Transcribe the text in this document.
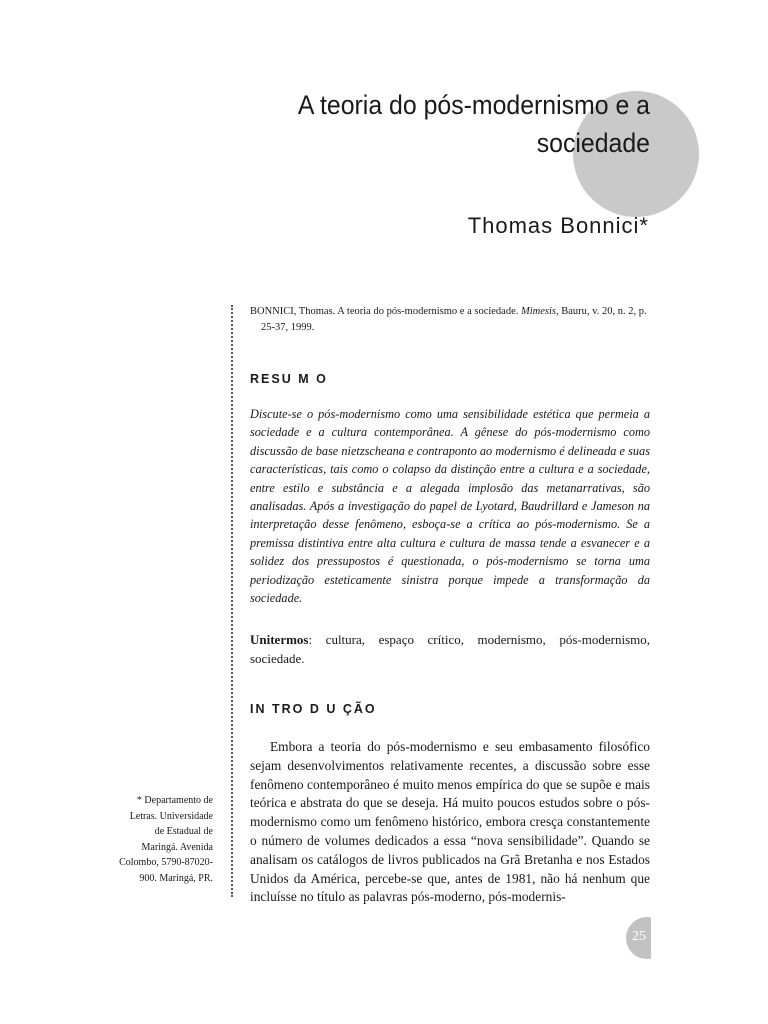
A teoria do pós-modernismo e a
sociedade
Thomas Bonnici*
BONNICI, Thomas. A teoria do pós-modernismo e a sociedade. Mimesis, Bauru, v. 20, n. 2, p. 25-37, 1999.
RESU M O

Discute-se o pós-modernismo como uma sensibilidade estética que permeia a sociedade e a cultura contemporânea. A gênese do pós-modernismo como discussão de base nietzscheana e contraponto ao modernismo é delineada e suas características, tais como o colapso da distinção entre a cultura e a sociedade, entre estilo e substância e a alegada implosão das metanarrativas, são analisadas. Após a investigação do papel de Lyotard, Baudrillard e Jameson na interpretação desse fenômeno, esboça-se a crítica ao pós-modernismo. Se a premissa distintiva entre alta cultura e cultura de massa tende a esvanecer e a solidez dos pressupostos é questionada, o pós-modernismo se torna uma periodização esteticamente sinistra porque impede a transformação da sociedade.

Unitermos: cultura, espaço crítico, modernismo, pós-modernismo, sociedade.
IN TRO D U ÇÃO

Embora a teoria do pós-modernismo e seu embasamento filosófico sejam desenvolvimentos relativamente recentes, a discussão sobre esse fenômeno contemporâneo é muito menos empírica do que se supõe e mais teórica e abstrata do que se deseja. Há muito poucos estudos sobre o pós-modernismo como um fenômeno histórico, embora cresça constantemente o número de volumes dedicados a essa “nova sensibilidade”. Quando se analisam os catálogos de livros publicados na Grã Bretanha e nos Estados Unidos da América, percebe-se que, antes de 1981, não há nenhum que incluísse no título as palavras pós-moderno, pós-modernis-

* Departamento de Letras. Universidade de Estadual de Maringá. Avenida Colombo, 5790-87020-900. Maringá, PR.
25
